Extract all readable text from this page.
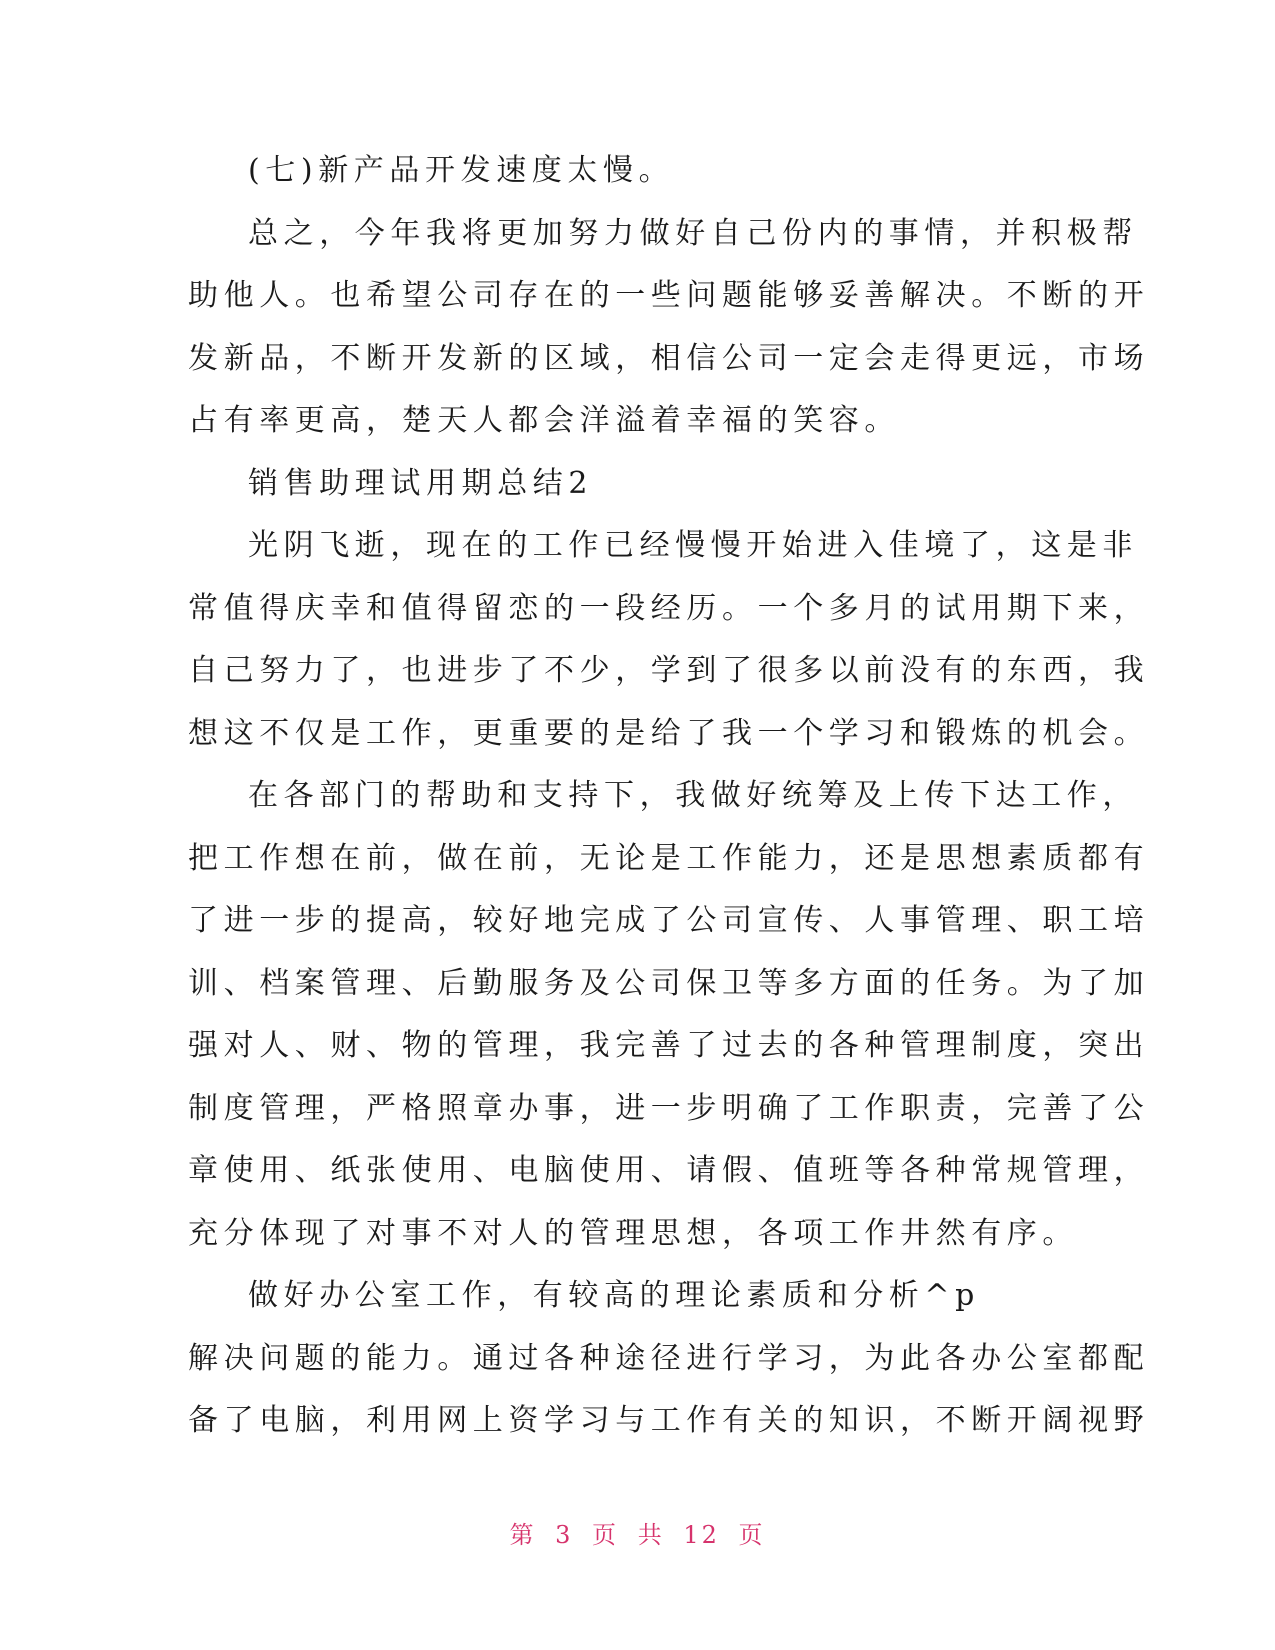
(七)新产品开发速度太慢。
总之，今年我将更加努力做好自己份内的事情，并积极帮
助他人。也希望公司存在的一些问题能够妥善解决。不断的开
发新品，不断开发新的区域，相信公司一定会走得更远，市场
占有率更高，楚天人都会洋溢着幸福的笑容。
销售助理试用期总结2
光阴飞逝，现在的工作已经慢慢开始进入佳境了，这是非
常值得庆幸和值得留恋的一段经历。一个多月的试用期下来，
自己努力了，也进步了不少，学到了很多以前没有的东西，我
想这不仅是工作，更重要的是给了我一个学习和锻炼的机会。
在各部门的帮助和支持下，我做好统筹及上传下达工作，
把工作想在前，做在前，无论是工作能力，还是思想素质都有
了进一步的提高，较好地完成了公司宣传、人事管理、职工培
训、档案管理、后勤服务及公司保卫等多方面的任务。为了加
强对人、财、物的管理，我完善了过去的各种管理制度，突出
制度管理，严格照章办事，进一步明确了工作职责，完善了公
章使用、纸张使用、电脑使用、请假、值班等各种常规管理，
充分体现了对事不对人的管理思想，各项工作井然有序。
做好办公室工作，有较高的理论素质和分析^p
解决问题的能力。通过各种途径进行学习，为此各办公室都配
备了电脑，利用网上资学习与工作有关的知识，不断开阔视野
第 3 页 共 12 页
